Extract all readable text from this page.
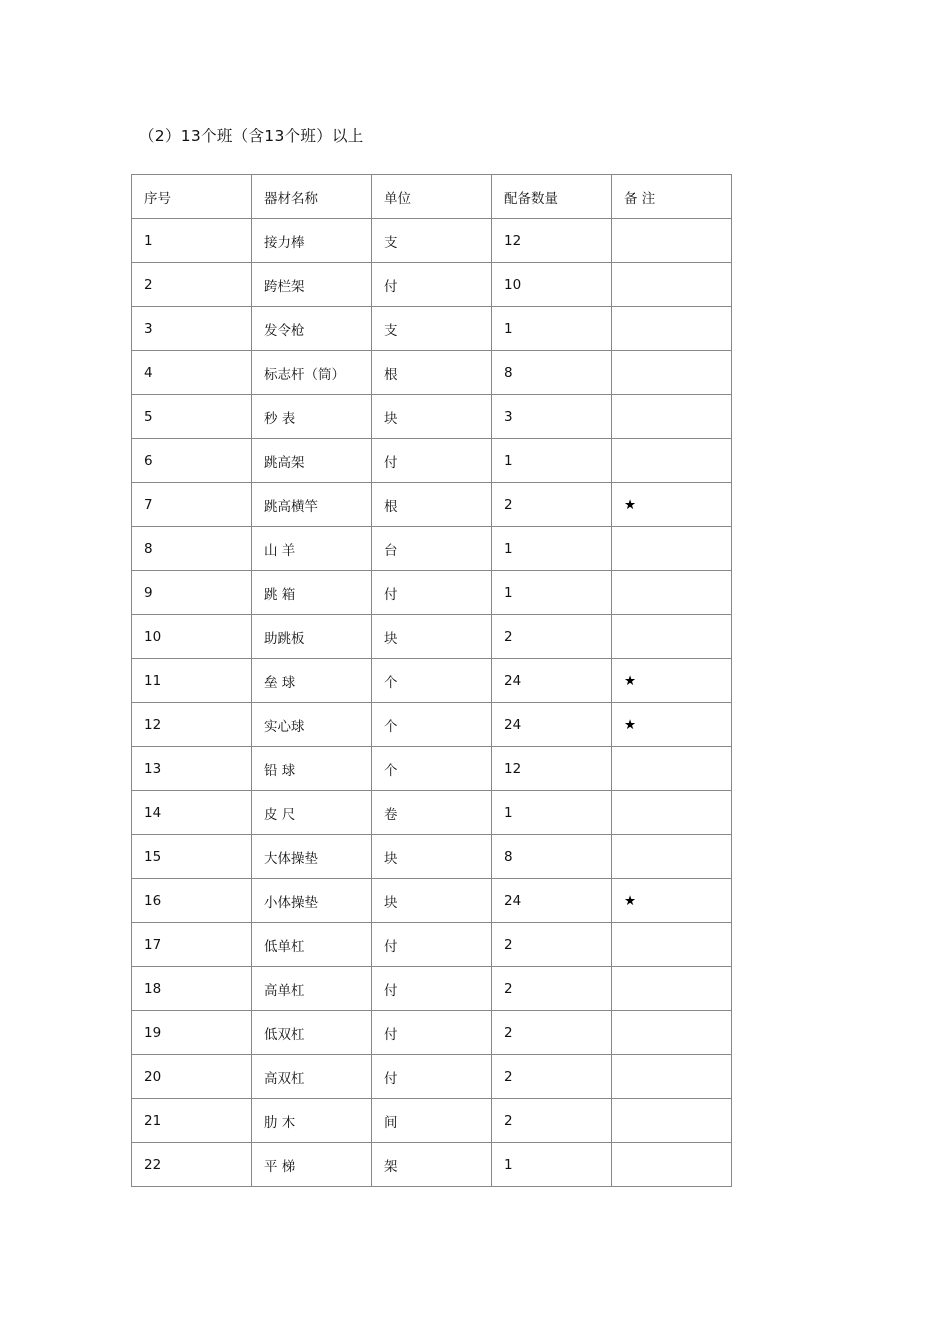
（2）13个班（含13个班）以上
序号	器材名称	单位	配备数量	备 注
1	接力棒	支	12	
2	跨栏架	付	10	
3	发令枪	支	1	
4	标志杆（筒）	根	8	
5	秒 表	块	3	
6	跳高架	付	1	
7	跳高横竿	根	2	★
8	山 羊	台	1	
9	跳 箱	付	1	
10	助跳板	块	2	
11	垒 球	个	24	★
12	实心球	个	24	★
13	铅 球	个	12	
14	皮 尺	卷	1	
15	大体操垫	块	8	
16	小体操垫	块	24	★
17	低单杠	付	2	
18	高单杠	付	2	
19	低双杠	付	2	
20	高双杠	付	2	
21	肋 木	间	2	
22	平 梯	架	1	
